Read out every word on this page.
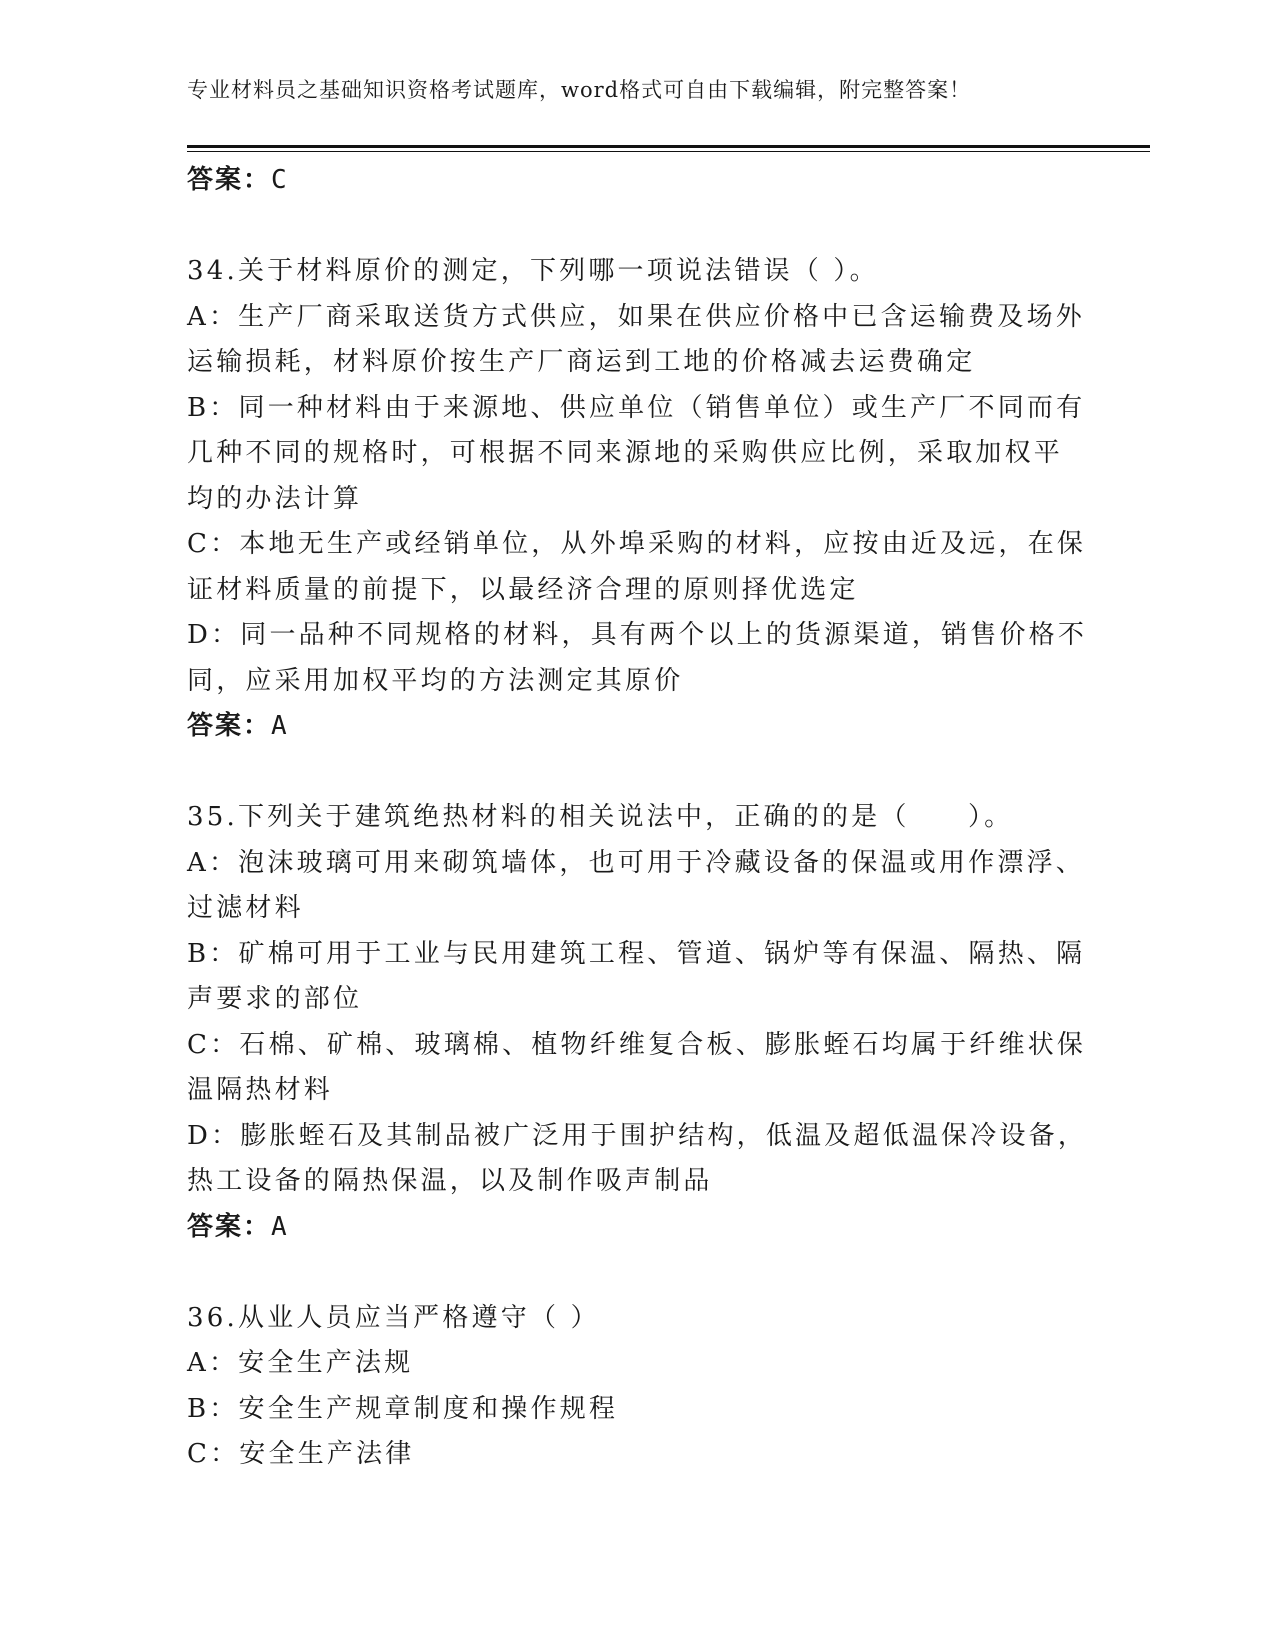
专业材料员之基础知识资格考试题库，word格式可自由下载编辑，附完整答案！
答案：C
34.关于材料原价的测定，下列哪一项说法错误（ ）。
A：生产厂商采取送货方式供应，如果在供应价格中已含运输费及场外
运输损耗，材料原价按生产厂商运到工地的价格减去运费确定
B：同一种材料由于来源地、供应单位（销售单位）或生产厂不同而有
几种不同的规格时，可根据不同来源地的采购供应比例，采取加权平
均的办法计算
C：本地无生产或经销单位，从外埠采购的材料，应按由近及远，在保
证材料质量的前提下，以最经济合理的原则择优选定
D：同一品种不同规格的材料，具有两个以上的货源渠道，销售价格不
同，应采用加权平均的方法测定其原价
答案：A
35.下列关于建筑绝热材料的相关说法中，正确的的是（　　）。
A：泡沫玻璃可用来砌筑墙体，也可用于冷藏设备的保温或用作漂浮、
过滤材料
B：矿棉可用于工业与民用建筑工程、管道、锅炉等有保温、隔热、隔
声要求的部位
C：石棉、矿棉、玻璃棉、植物纤维复合板、膨胀蛭石均属于纤维状保
温隔热材料
D：膨胀蛭石及其制品被广泛用于围护结构，低温及超低温保冷设备，
热工设备的隔热保温，以及制作吸声制品
答案：A
36.从业人员应当严格遵守（ ）
A：安全生产法规
B：安全生产规章制度和操作规程
C：安全生产法律
